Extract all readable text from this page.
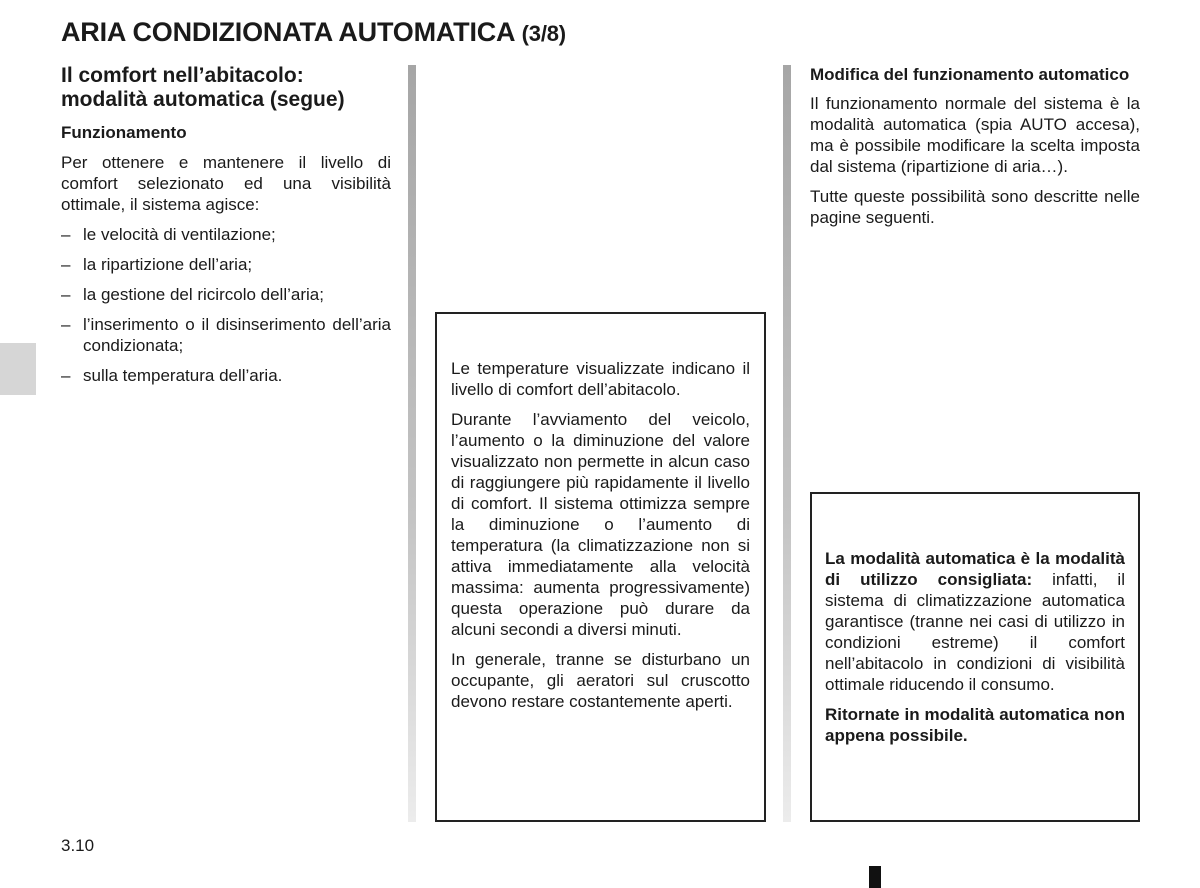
ARIA CONDIZIONATA AUTOMATICA (3/8)
Il comfort nell’abitacolo:
modalità automatica (segue)
Funzionamento

Per ottenere e mantenere il livello di comfort selezionato ed una visibilità ottimale, il sistema agisce:

– le velocità di ventilazione;
– la ripartizione dell’aria;
– la gestione del ricircolo dell’aria;
– l’inserimento o il disinserimento dell’aria condizionata;
– sulla temperatura dell’aria.	Le temperature visualizzate indicano il livello di comfort dell’abitacolo.

Durante l’avviamento del veicolo, l’aumento o la diminuzione del valore visualizzato non permette in alcun caso di raggiungere più rapidamente il livello di comfort. Il sistema ottimizza sempre la diminuzione o l’aumento di temperatura (la climatizzazione non si attiva immediatamente alla velocità massima: aumenta progressivamente) questa operazione può durare da alcuni secondi a diversi minuti.

In generale, tranne se disturbano un occupante, gli aeratori sul cruscotto devono restare costantemente aperti.

Modifica del funzionamento automatico

Il funzionamento normale del sistema è la modalità automatica (spia AUTO accesa), ma è possibile modificare la scelta imposta dal sistema (ripartizione di aria…).

Tutte queste possibilità sono descritte nelle pagine seguenti.

La modalità automatica è la modalità di utilizzo consigliata: infatti, il sistema di climatizzazione automatica garantisce (tranne nei casi di utilizzo in condizioni estreme) il comfort nell’abitacolo in condizioni di visibilità ottimale riducendo il consumo.

Ritornate in modalità automatica non appena possibile.

3.10
